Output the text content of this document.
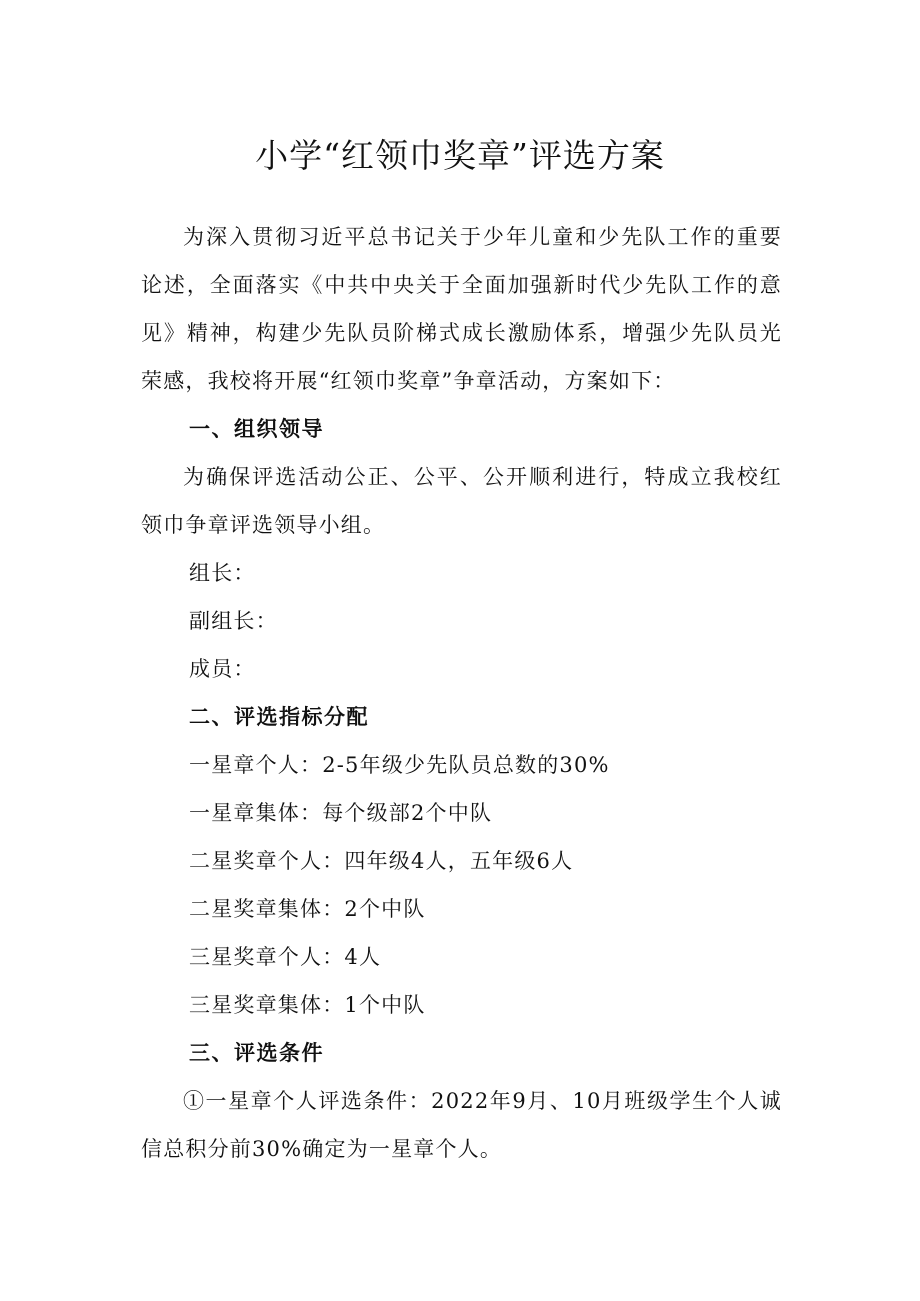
小学“红领巾奖章”评选方案

为深入贯彻习近平总书记关于少年儿童和少先队工作的重要论述，全面落实《中共中央关于全面加强新时代少先队工作的意见》精神，构建少先队员阶梯式成长激励体系，增强少先队员光荣感，我校将开展“红领巾奖章”争章活动，方案如下：

一、组织领导

为确保评选活动公正、公平、公开顺利进行，特成立我校红领巾争章评选领导小组。

组长：

副组长：

成员：

二、评选指标分配

一星章个人：2-5年级少先队员总数的30%

一星章集体：每个级部2个中队

二星奖章个人：四年级4人，五年级6人

二星奖章集体：2个中队

三星奖章个人：4人

三星奖章集体：1个中队

三、评选条件

①一星章个人评选条件：2022年9月、10月班级学生个人诚信总积分前30%确定为一星章个人。
